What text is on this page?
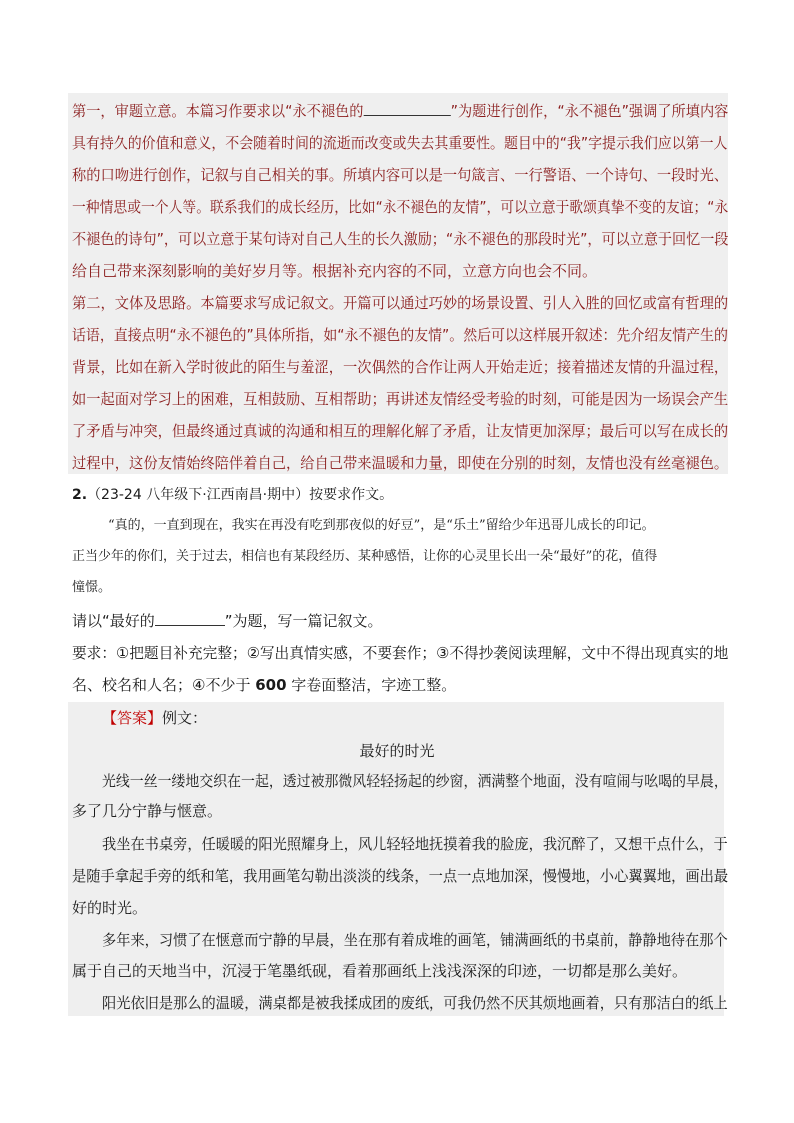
第一，审题立意。本篇习作要求以“永不褪色的	”为题进行创作，“永不褪色”强调了所填内容
具有持久的价值和意义，不会随着时间的流逝而改变或失去其重要性。题目中的“我”字提示我们应以第一人
称的口吻进行创作，记叙与自己相关的事。所填内容可以是一句箴言、一行警语、一个诗句、一段时光、
一种情思或一个人等。联系我们的成长经历，比如“永不褪色的友情”，可以立意于歌颂真挚不变的友谊；“永
不褪色的诗句”，可以立意于某句诗对自己人生的长久激励；“永不褪色的那段时光”，可以立意于回忆一段
给自己带来深刻影响的美好岁月等。根据补充内容的不同，立意方向也会不同。
第二，文体及思路。本篇要求写成记叙文。开篇可以通过巧妙的场景设置、引人入胜的回忆或富有哲理的
话语，直接点明“永不褪色的”具体所指，如“永不褪色的友情”。然后可以这样展开叙述：先介绍友情产生的
背景，比如在新入学时彼此的陌生与羞涩，一次偶然的合作让两人开始走近；接着描述友情的升温过程，
如一起面对学习上的困难，互相鼓励、互相帮助；再讲述友情经受考验的时刻，可能是因为一场误会产生
了矛盾与冲突，但最终通过真诚的沟通和相互的理解化解了矛盾，让友情更加深厚；最后可以写在成长的
过程中，这份友情始终陪伴着自己，给自己带来温暖和力量，即使在分别的时刻，友情也没有丝毫褪色。
2.（23-24 八年级下·江西南昌·期中）按要求作文。
“真的，一直到现在，我实在再没有吃到那夜似的好豆”，是“乐土”留给少年迅哥儿成长的印记。
正当少年的你们，关于过去，相信也有某段经历、某种感悟，让你的心灵里长出一朵“最好”的花，值得
憧憬。
请以“最好的	”为题，写一篇记叙文。
要求：①把题目补充完整；②写出真情实感，不要套作；③不得抄袭阅读理解，文中不得出现真实的地
名、校名和人名；④不少于 600 字卷面整洁，字迹工整。
【答案】例文：
最好的时光
光线一丝一缕地交织在一起，透过被那微风轻轻扬起的纱窗，洒满整个地面，没有喧闹与吆喝的早晨，
多了几分宁静与惬意。
我坐在书桌旁，任暖暖的阳光照耀身上，风儿轻轻地抚摸着我的脸庞，我沉醉了，又想干点什么，于
是随手拿起手旁的纸和笔，我用画笔勾勒出淡淡的线条，一点一点地加深，慢慢地，小心翼翼地，画出最
好的时光。
多年来，习惯了在惬意而宁静的早晨，坐在那有着成堆的画笔，铺满画纸的书桌前，静静地待在那个
属于自己的天地当中，沉浸于笔墨纸砚，看着那画纸上浅浅深深的印迹，一切都是那么美好。
阳光依旧是那么的温暖，满桌都是被我揉成团的废纸，可我仍然不厌其烦地画着，只有那洁白的纸上
